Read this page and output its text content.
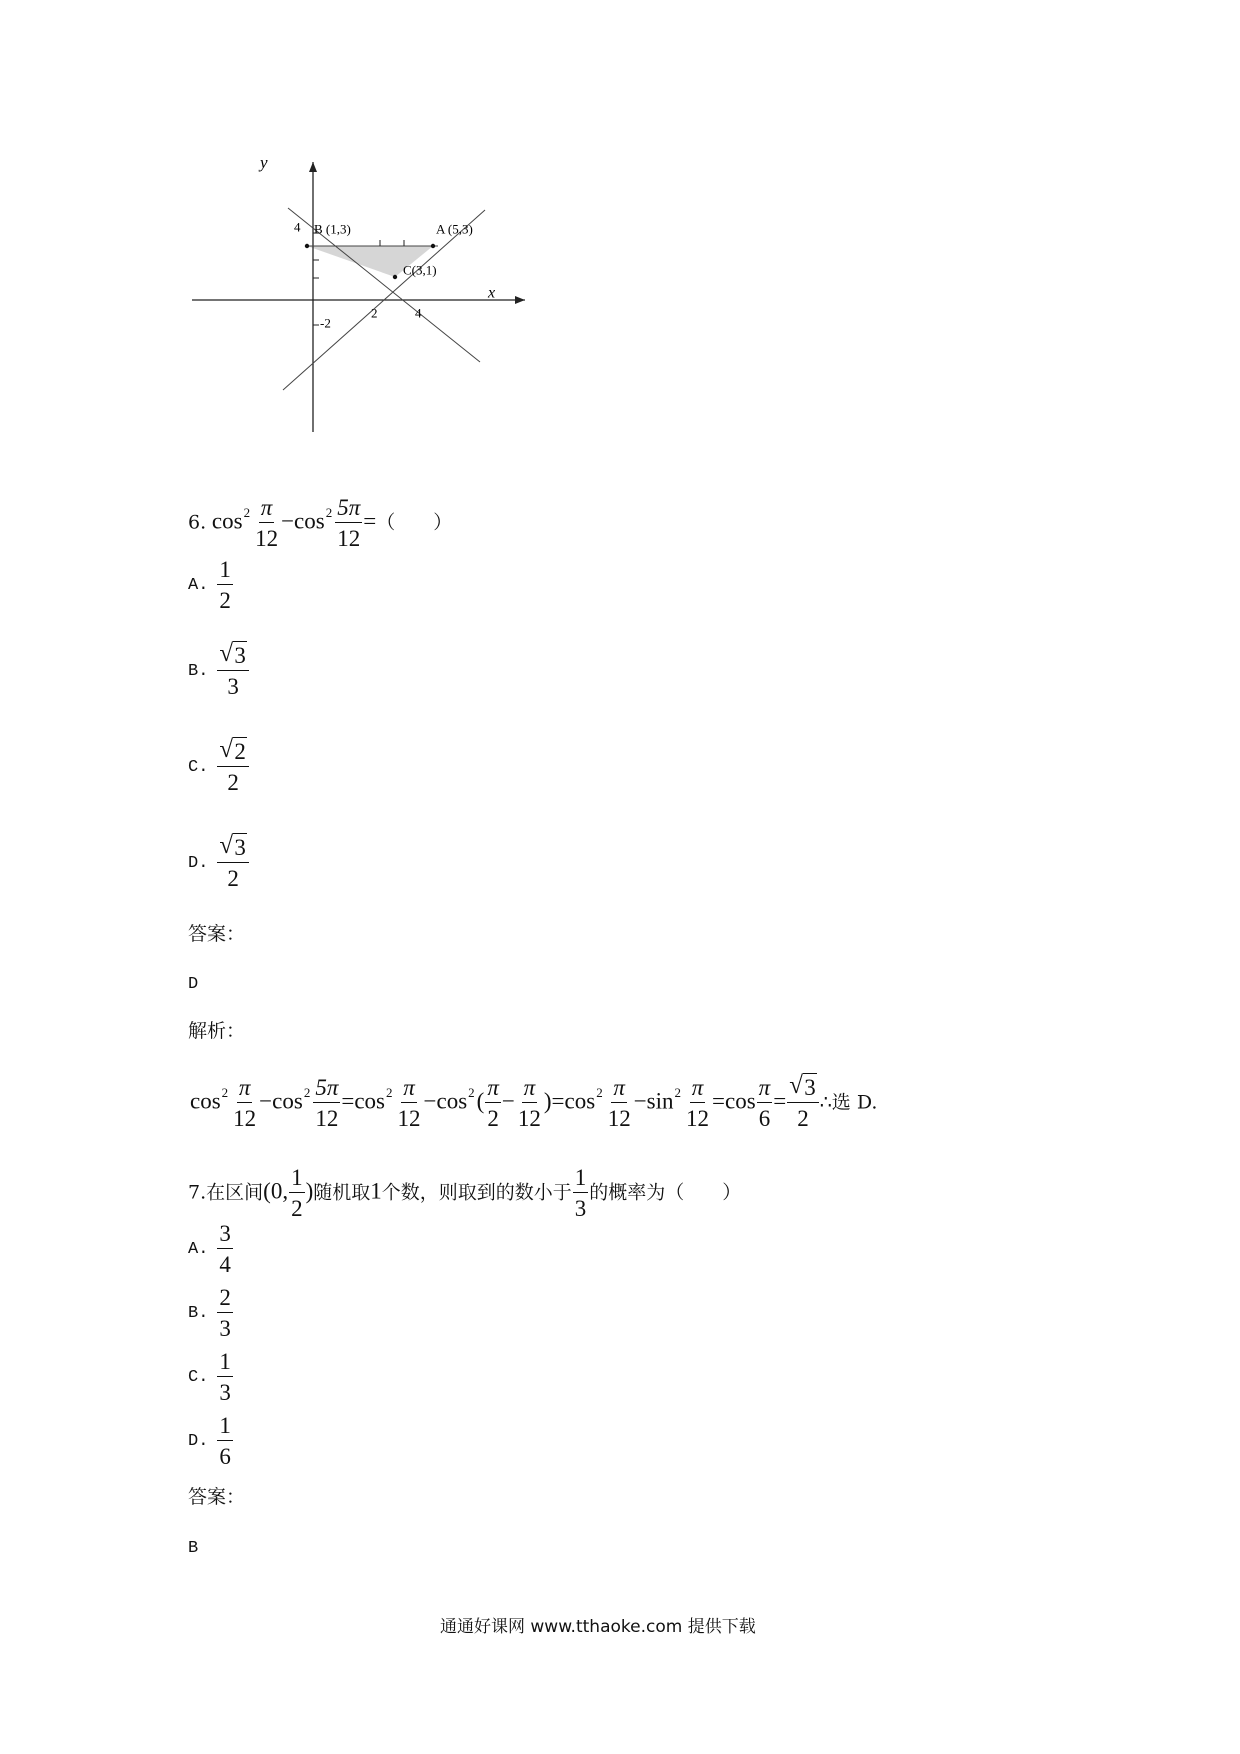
y
x
4
-2
2	4
B (1,3)	A (5,3)
C(3,1)
6. $\cos^2 \frac{\pi}{12} -\cos^2 \frac{5\pi}{12}$ =（　　）
A. $\frac{1}{2}$
B. $\frac{√ 3}{3}$
C. $\frac{√ 2}{2}$
D. $\frac{√ 3}{2}$
答案：
D
解析：
$\cos^2 \frac{\pi}{12} -\cos^2 \frac{5\pi}{12} =\cos^2 \frac{\pi}{12} -\cos^2( \frac{\pi}{2} - \frac{\pi}{12} )=\cos^2 \frac{\pi}{12} -\sin^2 \frac{\pi}{12} =\cos \frac{\pi}{6} = \frac{√ 3}{2}$ ∴选 D.
7.在区间(0, $\frac{1}{2}$ )随机取1个数，则取到的数小于 $\frac{1}{3}$ 的概率为（　　）
A. $\frac{3}{4}$
B. $\frac{2}{3}$
C. $\frac{1}{3}$
D. $\frac{1}{6}$
答案：
B
通通好课网 www.tthaoke.com 提供下载
